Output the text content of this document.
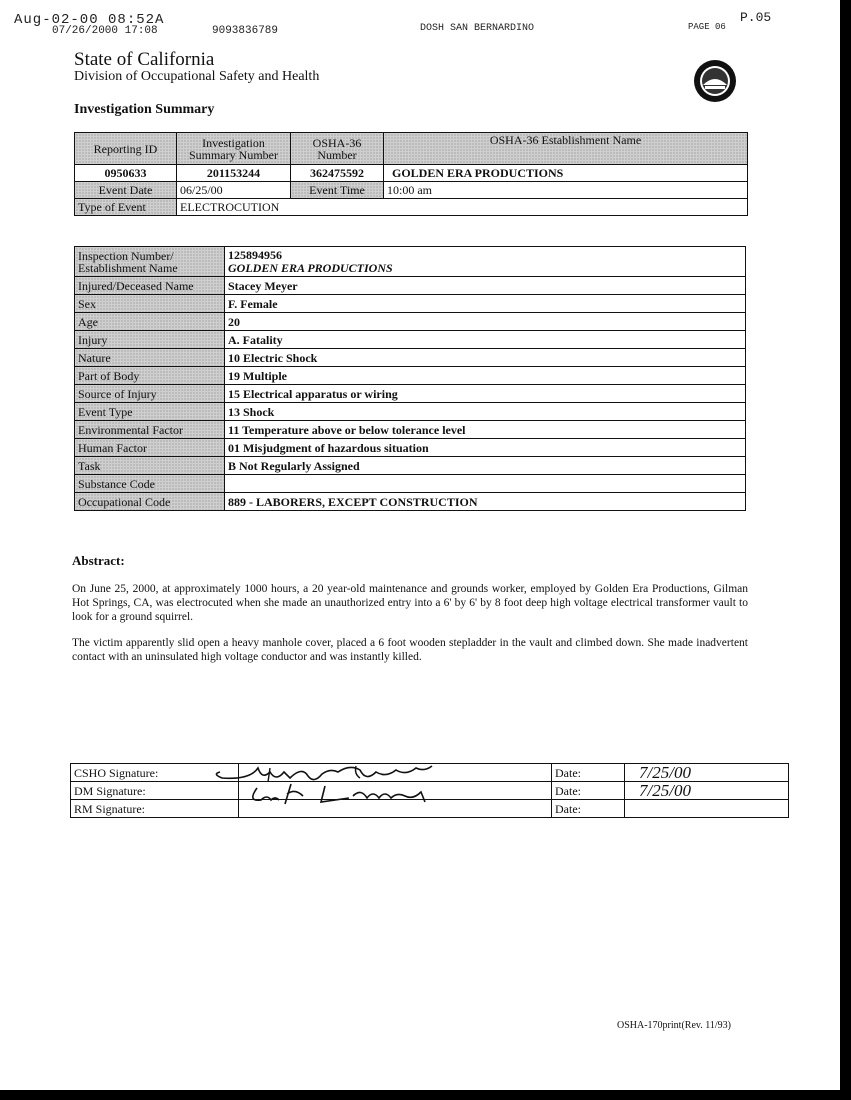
Aug-02-00 08:52A
07/26/2000 17:08	9093836789	DOSH SAN BERNARDINO	PAGE 06
P.05
State of California
Division of Occupational Safety and Health
Investigation Summary
Reporting ID	Investigation Summary Number	OSHA-36 Number	OSHA-36 Establishment Name
0950633	201153244	362475592	GOLDEN ERA PRODUCTIONS
Event Date	06/25/00	Event Time	10:00 am
Type of Event	ELECTROCUTION		
Inspection Number/ Establishment Name	125894956
GOLDEN ERA PRODUCTIONS

Injured/Deceased Name	Stacey Meyer
Sex	F. Female
Age	20
Injury	A. Fatality
Nature	10 Electric Shock
Part of Body	19 Multiple
Source of Injury	15 Electrical apparatus or wiring
Event Type	13 Shock
Environmental Factor	11 Temperature above or below tolerance level
Human Factor	01 Misjudgment of hazardous situation
Task	B Not Regularly Assigned
Substance Code	
Occupational Code	889 - LABORERS, EXCEPT CONSTRUCTION
Abstract:

On June 25, 2000, at approximately 1000 hours, a 20 year-old maintenance and grounds worker, employed by Golden Era Productions, Gilman Hot Springs, CA, was electrocuted when she made an unauthorized entry into a 6' by 6' by 8 foot deep high voltage electrical transformer vault to look for a ground squirrel.

The victim apparently slid open a heavy manhole cover, placed a 6 foot wooden stepladder in the vault and climbed down. She made inadvertent contact with an uninsulated high voltage conductor and was instantly killed.

CSHO Signature:		Date:	7/25/00
DM Signature:		Date:	7/25/00
RM Signature:		Date:	
OSHA-170print(Rev. 11/93)
